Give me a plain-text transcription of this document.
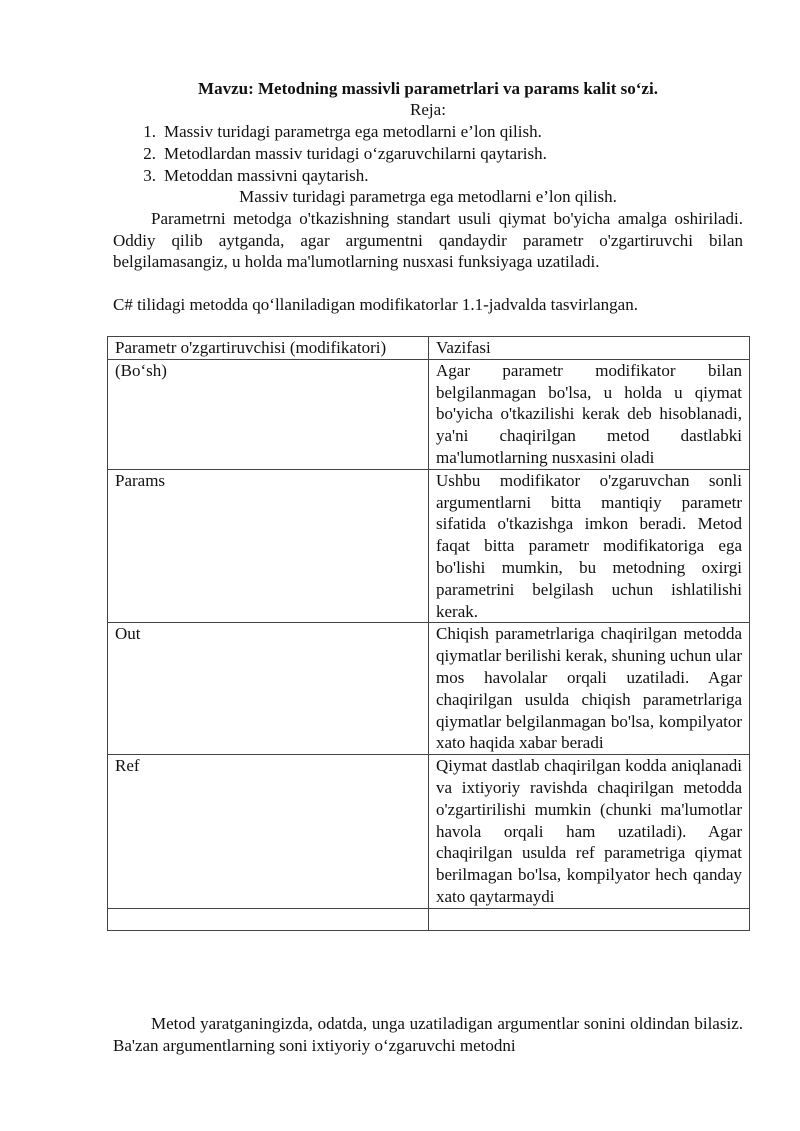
Mavzu: Metodning massivli parametrlari va params kalit so‘zi.

Reja:

1. Massiv turidagi parametrga ega metodlarni e’lon qilish.
2. Metodlardan massiv turidagi o‘zgaruvchilarni qaytarish.
3. Metoddan massivni qaytarish.

Massiv turidagi parametrga ega metodlarni e’lon qilish.

Parametrni metodga o'tkazishning standart usuli qiymat bo'yicha amalga oshiriladi. Oddiy qilib aytganda, agar argumentni qandaydir parametr o'zgartiruvchi bilan belgilamasangiz, u holda ma'lumotlarning nusxasi funksiyaga uzatiladi.

C# tilidagi metodda qo‘llaniladigan modifikatorlar 1.1-jadvalda tasvirlangan.

Parametr o'zgartiruvchisi (modifikatori)	Vazifasi
(Bo‘sh)	Agar parametr modifikator bilan belgilanmagan bo'lsa, u holda u qiymat bo'yicha o'tkazilishi kerak deb hisoblanadi, ya'ni chaqirilgan metod dastlabki ma'lumotlarning nusxasini oladi
Params	Ushbu modifikator o'zgaruvchan sonli argumentlarni bitta mantiqiy parametr sifatida o'tkazishga imkon beradi. Metod faqat bitta parametr modifikatoriga ega bo'lishi mumkin, bu metodning oxirgi parametrini belgilash uchun ishlatilishi kerak.
Out	Chiqish parametrlariga chaqirilgan metodda qiymatlar berilishi kerak, shuning uchun ular mos havolalar orqali uzatiladi. Agar chaqirilgan usulda chiqish parametrlariga qiymatlar belgilanmagan bo'lsa, kompilyator xato haqida xabar beradi
Ref	Qiymat dastlab chaqirilgan kodda aniqlanadi va ixtiyoriy ravishda chaqirilgan metodda o'zgartirilishi mumkin (chunki ma'lumotlar havola orqali ham uzatiladi). Agar chaqirilgan usulda ref parametriga qiymat berilmagan bo'lsa, kompilyator hech qanday xato qaytarmaydi

Metod yaratganingizda, odatda, unga uzatiladigan argumentlar sonini oldindan bilasiz. Ba'zan argumentlarning soni ixtiyoriy o‘zgaruvchi metodni
